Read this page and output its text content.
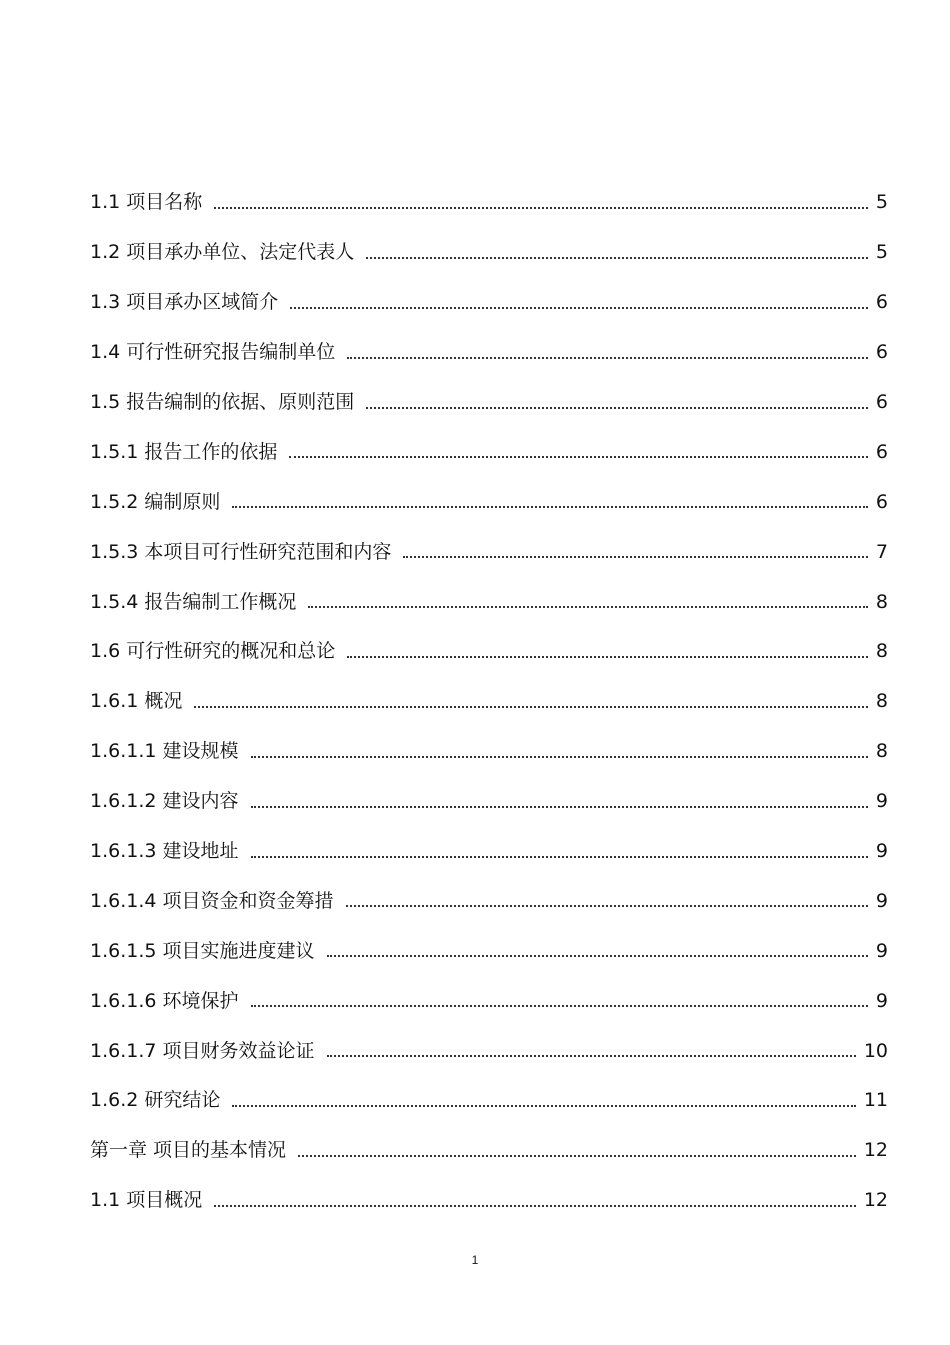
1.1 项目名称	5
1.2 项目承办单位、法定代表人	5
1.3 项目承办区域简介	6
1.4 可行性研究报告编制单位	6
1.5 报告编制的依据、原则范围	6
1.5.1 报告工作的依据	6
1.5.2 编制原则	6
1.5.3 本项目可行性研究范围和内容	7
1.5.4 报告编制工作概况	8
1.6 可行性研究的概况和总论	8
1.6.1 概况	8
1.6.1.1 建设规模	8
1.6.1.2 建设内容	9
1.6.1.3 建设地址	9
1.6.1.4 项目资金和资金筹措	9
1.6.1.5 项目实施进度建议	9
1.6.1.6 环境保护	9
1.6.1.7 项目财务效益论证	10
1.6.2 研究结论	11
第一章 项目的基本情况	12
1.1 项目概况	12
1
